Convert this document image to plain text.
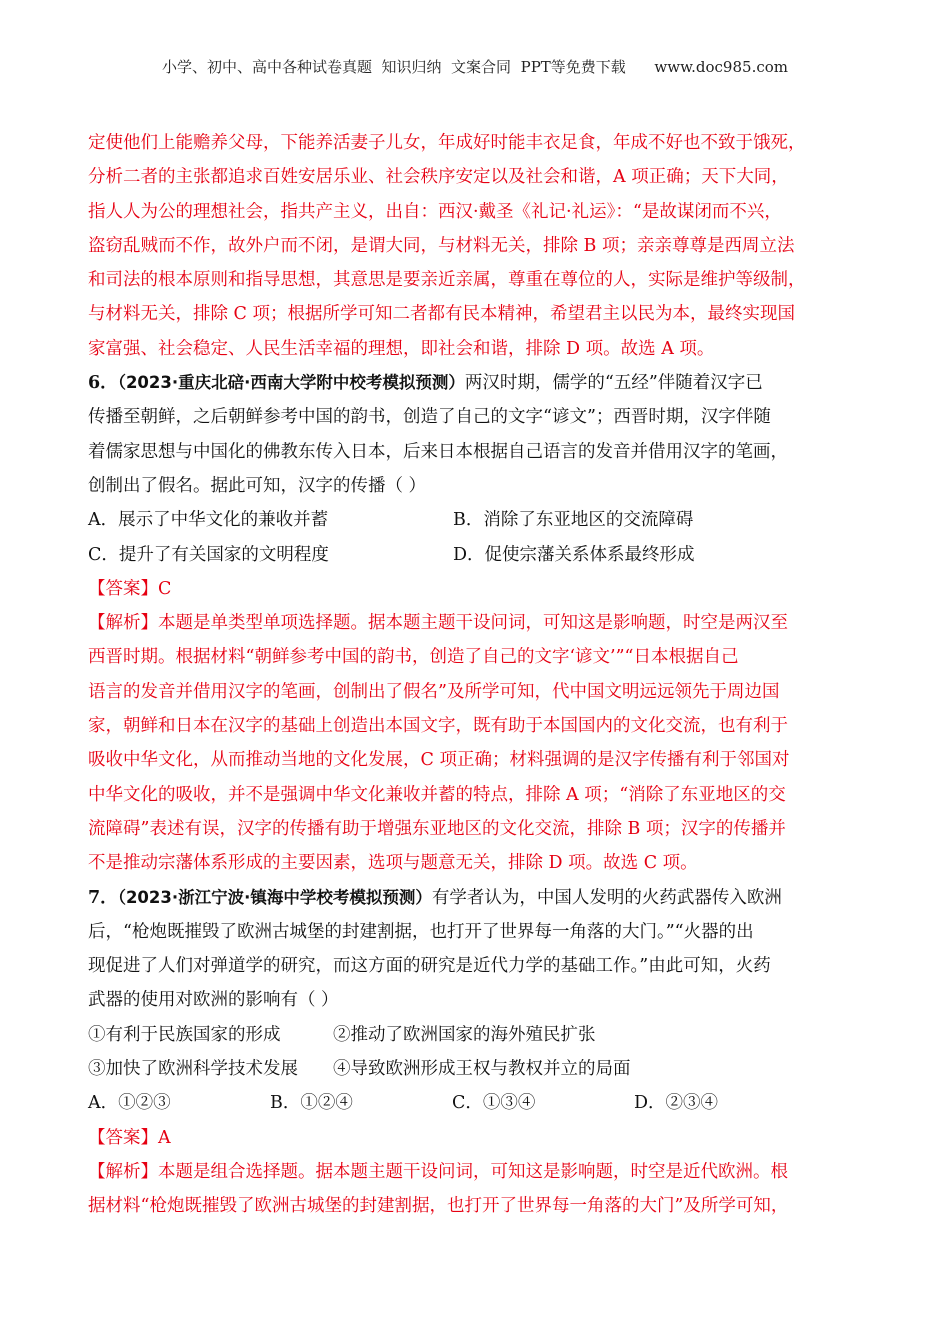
小学、初中、高中各种试卷真题  知识归纳  文案合同  PPT等免费下载      www.doc985.com
定使他们上能赡养父母，下能养活妻子儿女，年成好时能丰衣足食，年成不好也不致于饿死，
分析二者的主张都追求百姓安居乐业、社会秩序安定以及社会和谐，A 项正确；天下大同，
指人人为公的理想社会，指共产主义，出自：西汉·戴圣《礼记·礼运》：“是故谋闭而不兴，
盗窃乱贼而不作，故外户而不闭，是谓大同，与材料无关，排除 B 项；亲亲尊尊是西周立法
和司法的根本原则和指导思想，其意思是要亲近亲属，尊重在尊位的人，实际是维护等级制，
与材料无关，排除 C 项；根据所学可知二者都有民本精神，希望君主以民为本，最终实现国
家富强、社会稳定、人民生活幸福的理想，即社会和谐，排除 D 项。故选 A 项。
6．（2023·重庆北碚·西南大学附中校考模拟预测）两汉时期，儒学的“五经”伴随着汉字已
传播至朝鲜，之后朝鲜参考中国的韵书，创造了自己的文字“谚文”；西晋时期，汉字伴随
着儒家思想与中国化的佛教东传入日本，后来日本根据自己语言的发音并借用汉字的笔画，
创制出了假名。据此可知，汉字的传播（ ）
A．展示了中华文化的兼收并蓄	B．消除了东亚地区的交流障碍
C．提升了有关国家的文明程度	D．促使宗藩关系体系最终形成
【答案】C
【解析】本题是单类型单项选择题。据本题主题干设问词，可知这是影响题，时空是两汉至
西晋时期。根据材料“朝鲜参考中国的韵书，创造了自己的文字‘谚文’”“日本根据自己
语言的发音并借用汉字的笔画，创制出了假名”及所学可知，代中国文明远远领先于周边国
家，朝鲜和日本在汉字的基础上创造出本国文字，既有助于本国国内的文化交流，也有利于
吸收中华文化，从而推动当地的文化发展，C 项正确；材料强调的是汉字传播有利于邻国对
中华文化的吸收，并不是强调中华文化兼收并蓄的特点，排除 A 项；“消除了东亚地区的交
流障碍”表述有误，汉字的传播有助于增强东亚地区的文化交流，排除 B 项；汉字的传播并
不是推动宗藩体系形成的主要因素，选项与题意无关，排除 D 项。故选 C 项。
7．（2023·浙江宁波·镇海中学校考模拟预测）有学者认为，中国人发明的火药武器传入欧洲
后，“枪炮既摧毁了欧洲古城堡的封建割据，也打开了世界每一角落的大门。”“火器的出
现促进了人们对弹道学的研究，而这方面的研究是近代力学的基础工作。”由此可知，火药
武器的使用对欧洲的影响有（ ）
①有利于民族国家的形成	②推动了欧洲国家的海外殖民扩张
③加快了欧洲科学技术发展	④导致欧洲形成王权与教权并立的局面
A．①②③	B．①②④	C．①③④	D．②③④
【答案】A
【解析】本题是组合选择题。据本题主题干设问词，可知这是影响题，时空是近代欧洲。根
据材料“枪炮既摧毁了欧洲古城堡的封建割据，也打开了世界每一角落的大门”及所学可知，
